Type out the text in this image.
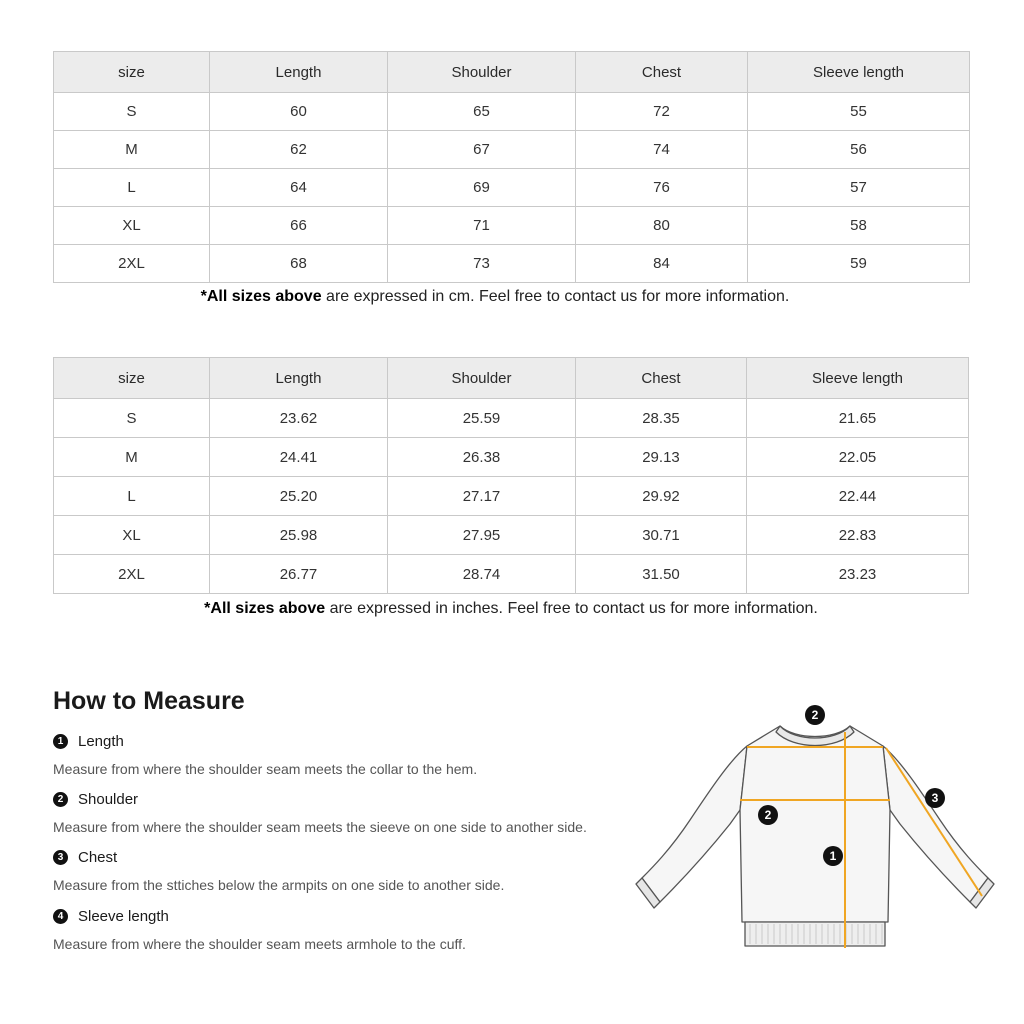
size	Length	Shoulder	Chest	Sleeve length
S	60	65	72	55
M	62	67	74	56
L	64	69	76	57
XL	66	71	80	58
2XL	68	73	84	59
*All sizes above are expressed in cm. Feel free to contact us for more information.
size	Length	Shoulder	Chest	Sleeve length
S	23.62	25.59	28.35	21.65
M	24.41	26.38	29.13	22.05
L	25.20	27.17	29.92	22.44
XL	25.98	27.95	30.71	22.83
2XL	26.77	28.74	31.50	23.23
*All sizes above are expressed in inches. Feel free to contact us for more information.
How to Measure
1 Length
Measure from where the shoulder seam meets the collar to the hem.
2 Shoulder
Measure from where the shoulder seam meets the sieeve on one side to another side.
3 Chest
Measure from the sttiches below the armpits on one side to another side.
4 Sleeve length
Measure from where the shoulder seam meets armhole to the cuff.
2
2
1
3
